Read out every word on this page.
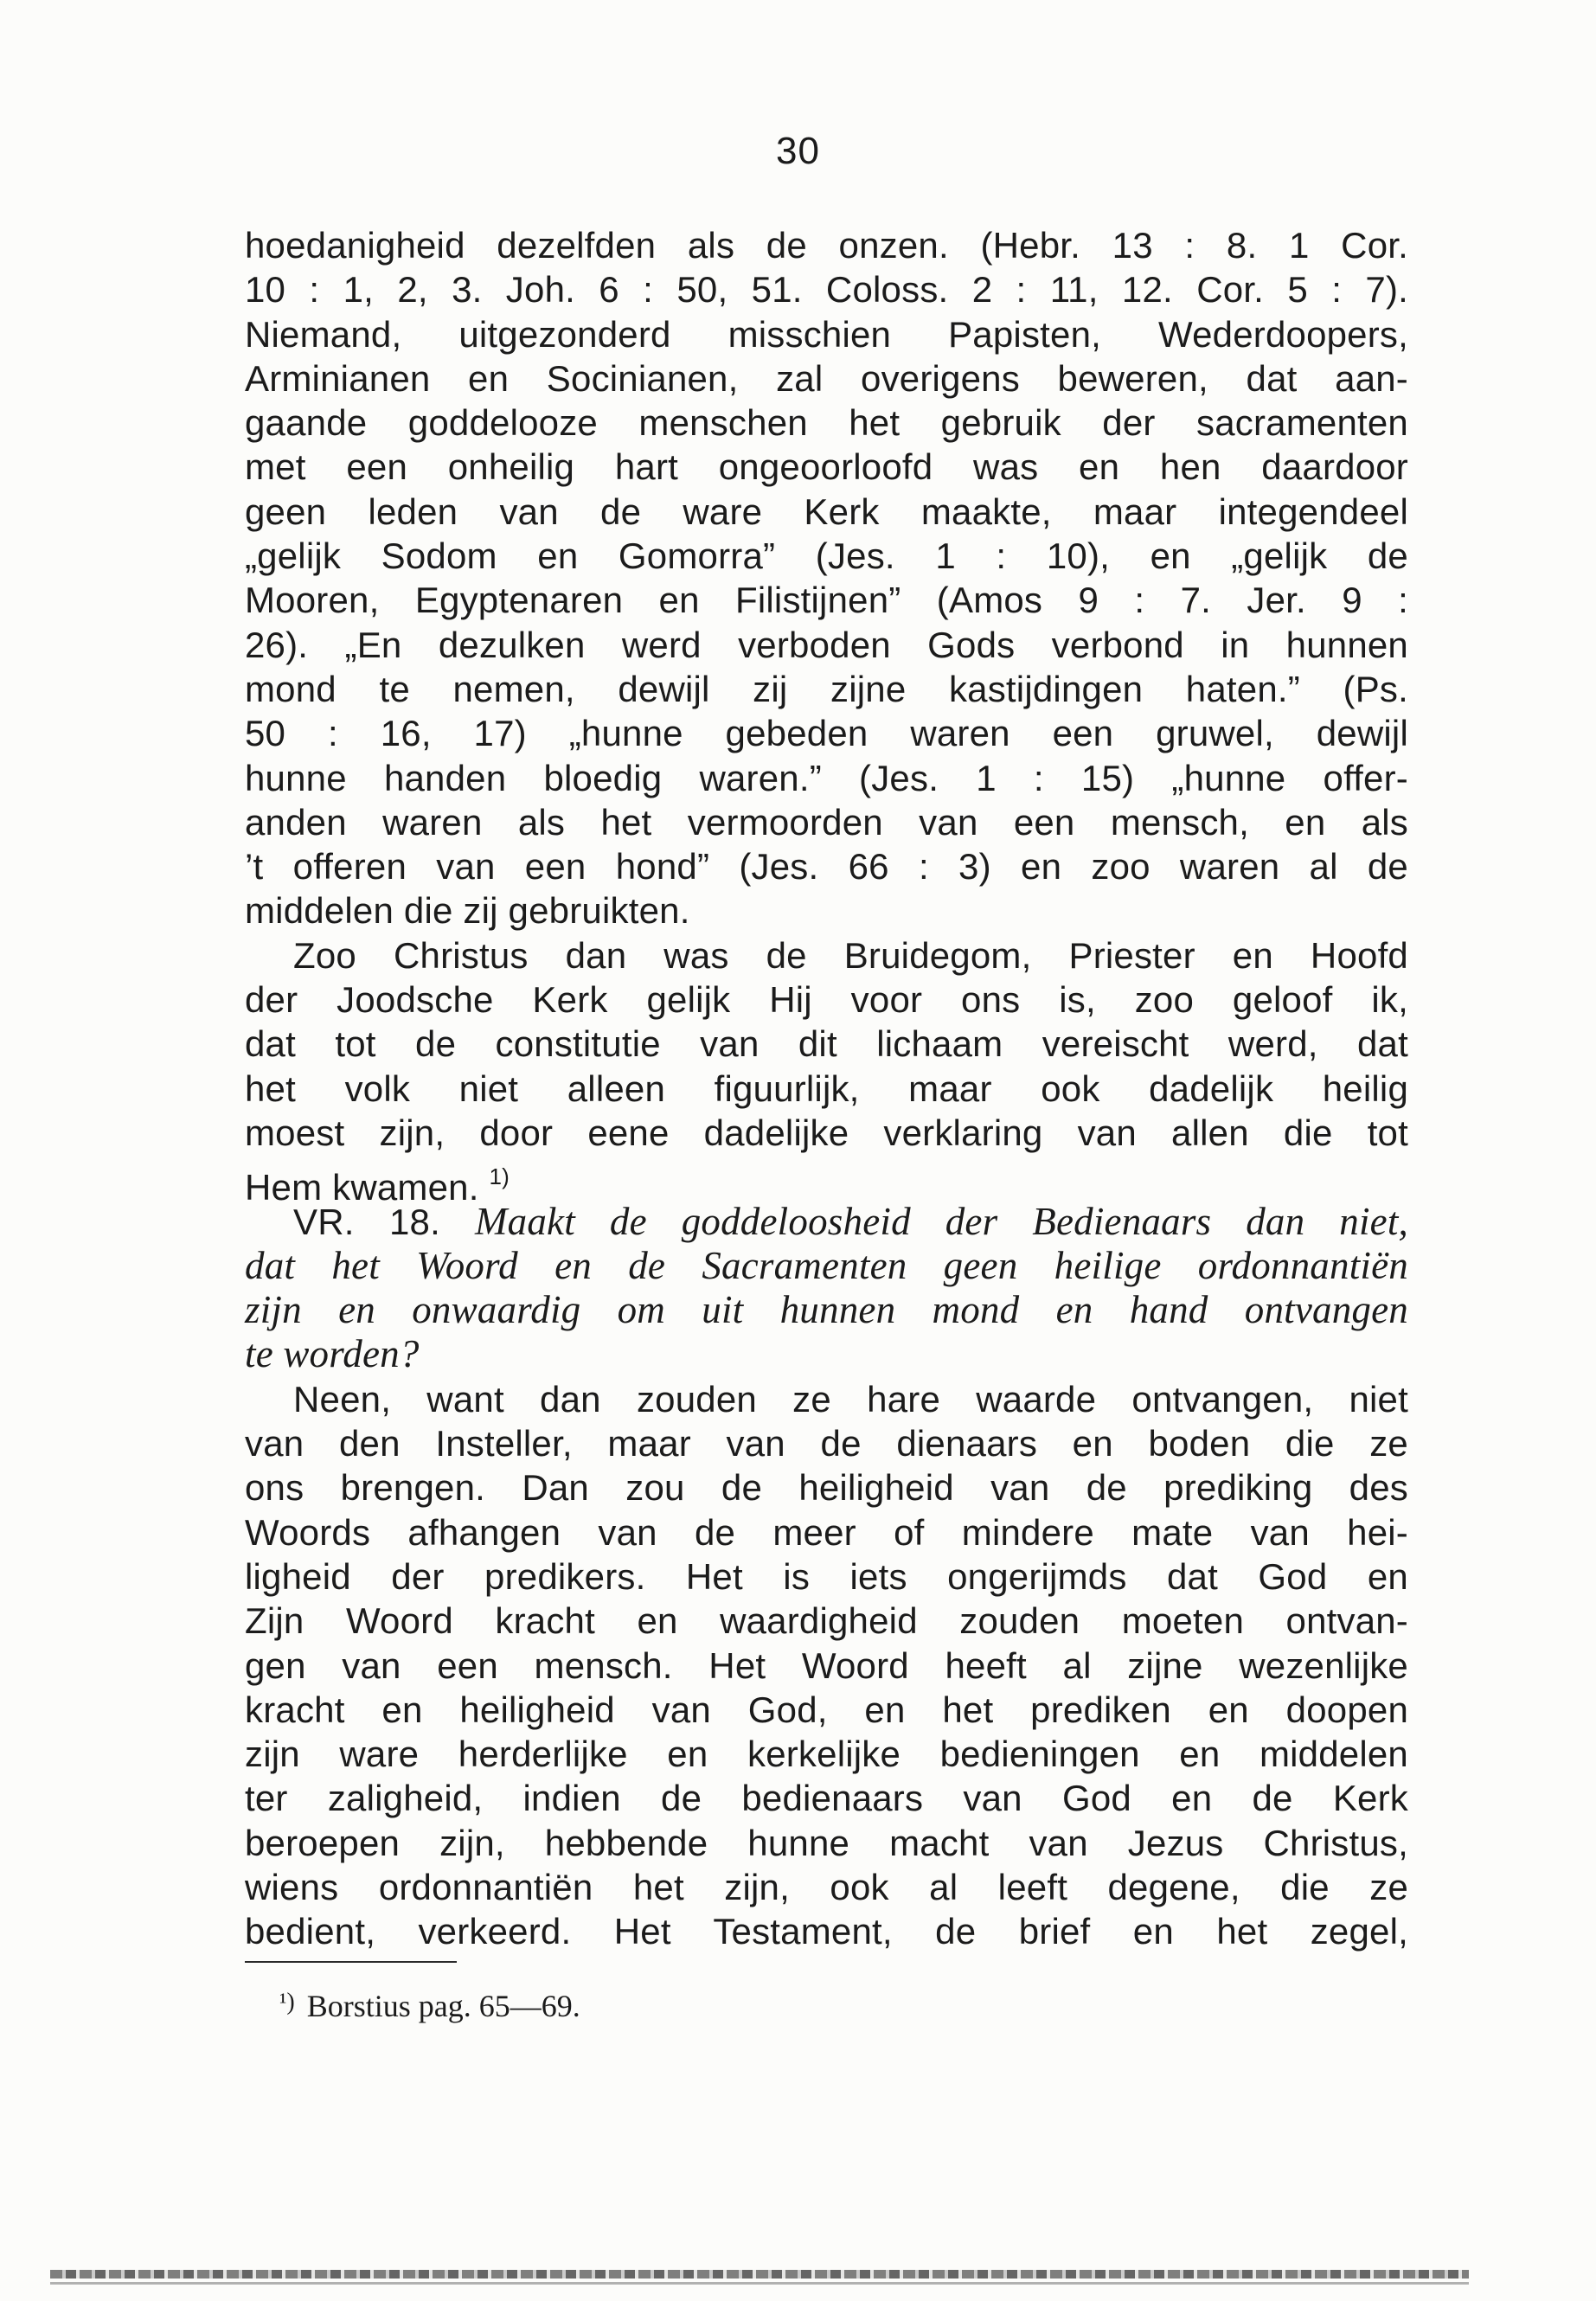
30
hoedanigheid dezelfden als de onzen. (Hebr. 13 : 8. 1 Cor.
10 : 1, 2, 3. Joh. 6 : 50, 51. Coloss. 2 : 11, 12. Cor. 5 : 7).
Niemand, uitgezonderd misschien Papisten, Wederdoopers,
Arminianen en Socinianen, zal overigens beweren, dat aan-
gaande goddelooze menschen het gebruik der sacramenten
met een onheilig hart ongeoorloofd was en hen daardoor
geen leden van de ware Kerk maakte, maar integendeel
„gelijk Sodom en Gomorra” (Jes. 1 : 10), en „gelijk de
Mooren, Egyptenaren en Filistijnen” (Amos 9 : 7. Jer. 9 :
26). „En dezulken werd verboden Gods verbond in hunnen
mond te nemen, dewijl zij zijne kastijdingen haten.” (Ps.
50 : 16, 17) „hunne gebeden waren een gruwel, dewijl
hunne handen bloedig waren.” (Jes. 1 : 15) „hunne offer-
anden waren als het vermoorden van een mensch, en als
’t offeren van een hond” (Jes. 66 : 3) en zoo waren al de
middelen die zij gebruikten.
Zoo Christus dan was de Bruidegom, Priester en Hoofd
der Joodsche Kerk gelijk Hij voor ons is, zoo geloof ik,
dat tot de constitutie van dit lichaam vereischt werd, dat
het volk niet alleen figuurlijk, maar ook dadelijk heilig
moest zijn, door eene dadelijke verklaring van allen die tot
Hem kwamen. $^{1)}$
VR. 18. Maakt de goddeloosheid der Bedienaars dan niet,
dat het Woord en de Sacramenten geen heilige ordonnantiën
zijn en onwaardig om uit hunnen mond en hand ontvangen
te worden?
Neen, want dan zouden ze hare waarde ontvangen, niet
van den Insteller, maar van de dienaars en boden die ze
ons brengen. Dan zou de heiligheid van de prediking des
Woords afhangen van de meer of mindere mate van hei-
ligheid der predikers. Het is iets ongerijmds dat God en
Zijn Woord kracht en waardigheid zouden moeten ontvan-
gen van een mensch. Het Woord heeft al zijne wezenlijke
kracht en heiligheid van God, en het prediken en doopen
zijn ware herderlijke en kerkelijke bedieningen en middelen
ter zaligheid, indien de bedienaars van God en de Kerk
beroepen zijn, hebbende hunne macht van Jezus Christus,
wiens ordonnantiën het zijn, ook al leeft degene, die ze
bedient, verkeerd. Het Testament, de brief en het zegel,
$^{^1)}$ Borstius pag. 65—69.
